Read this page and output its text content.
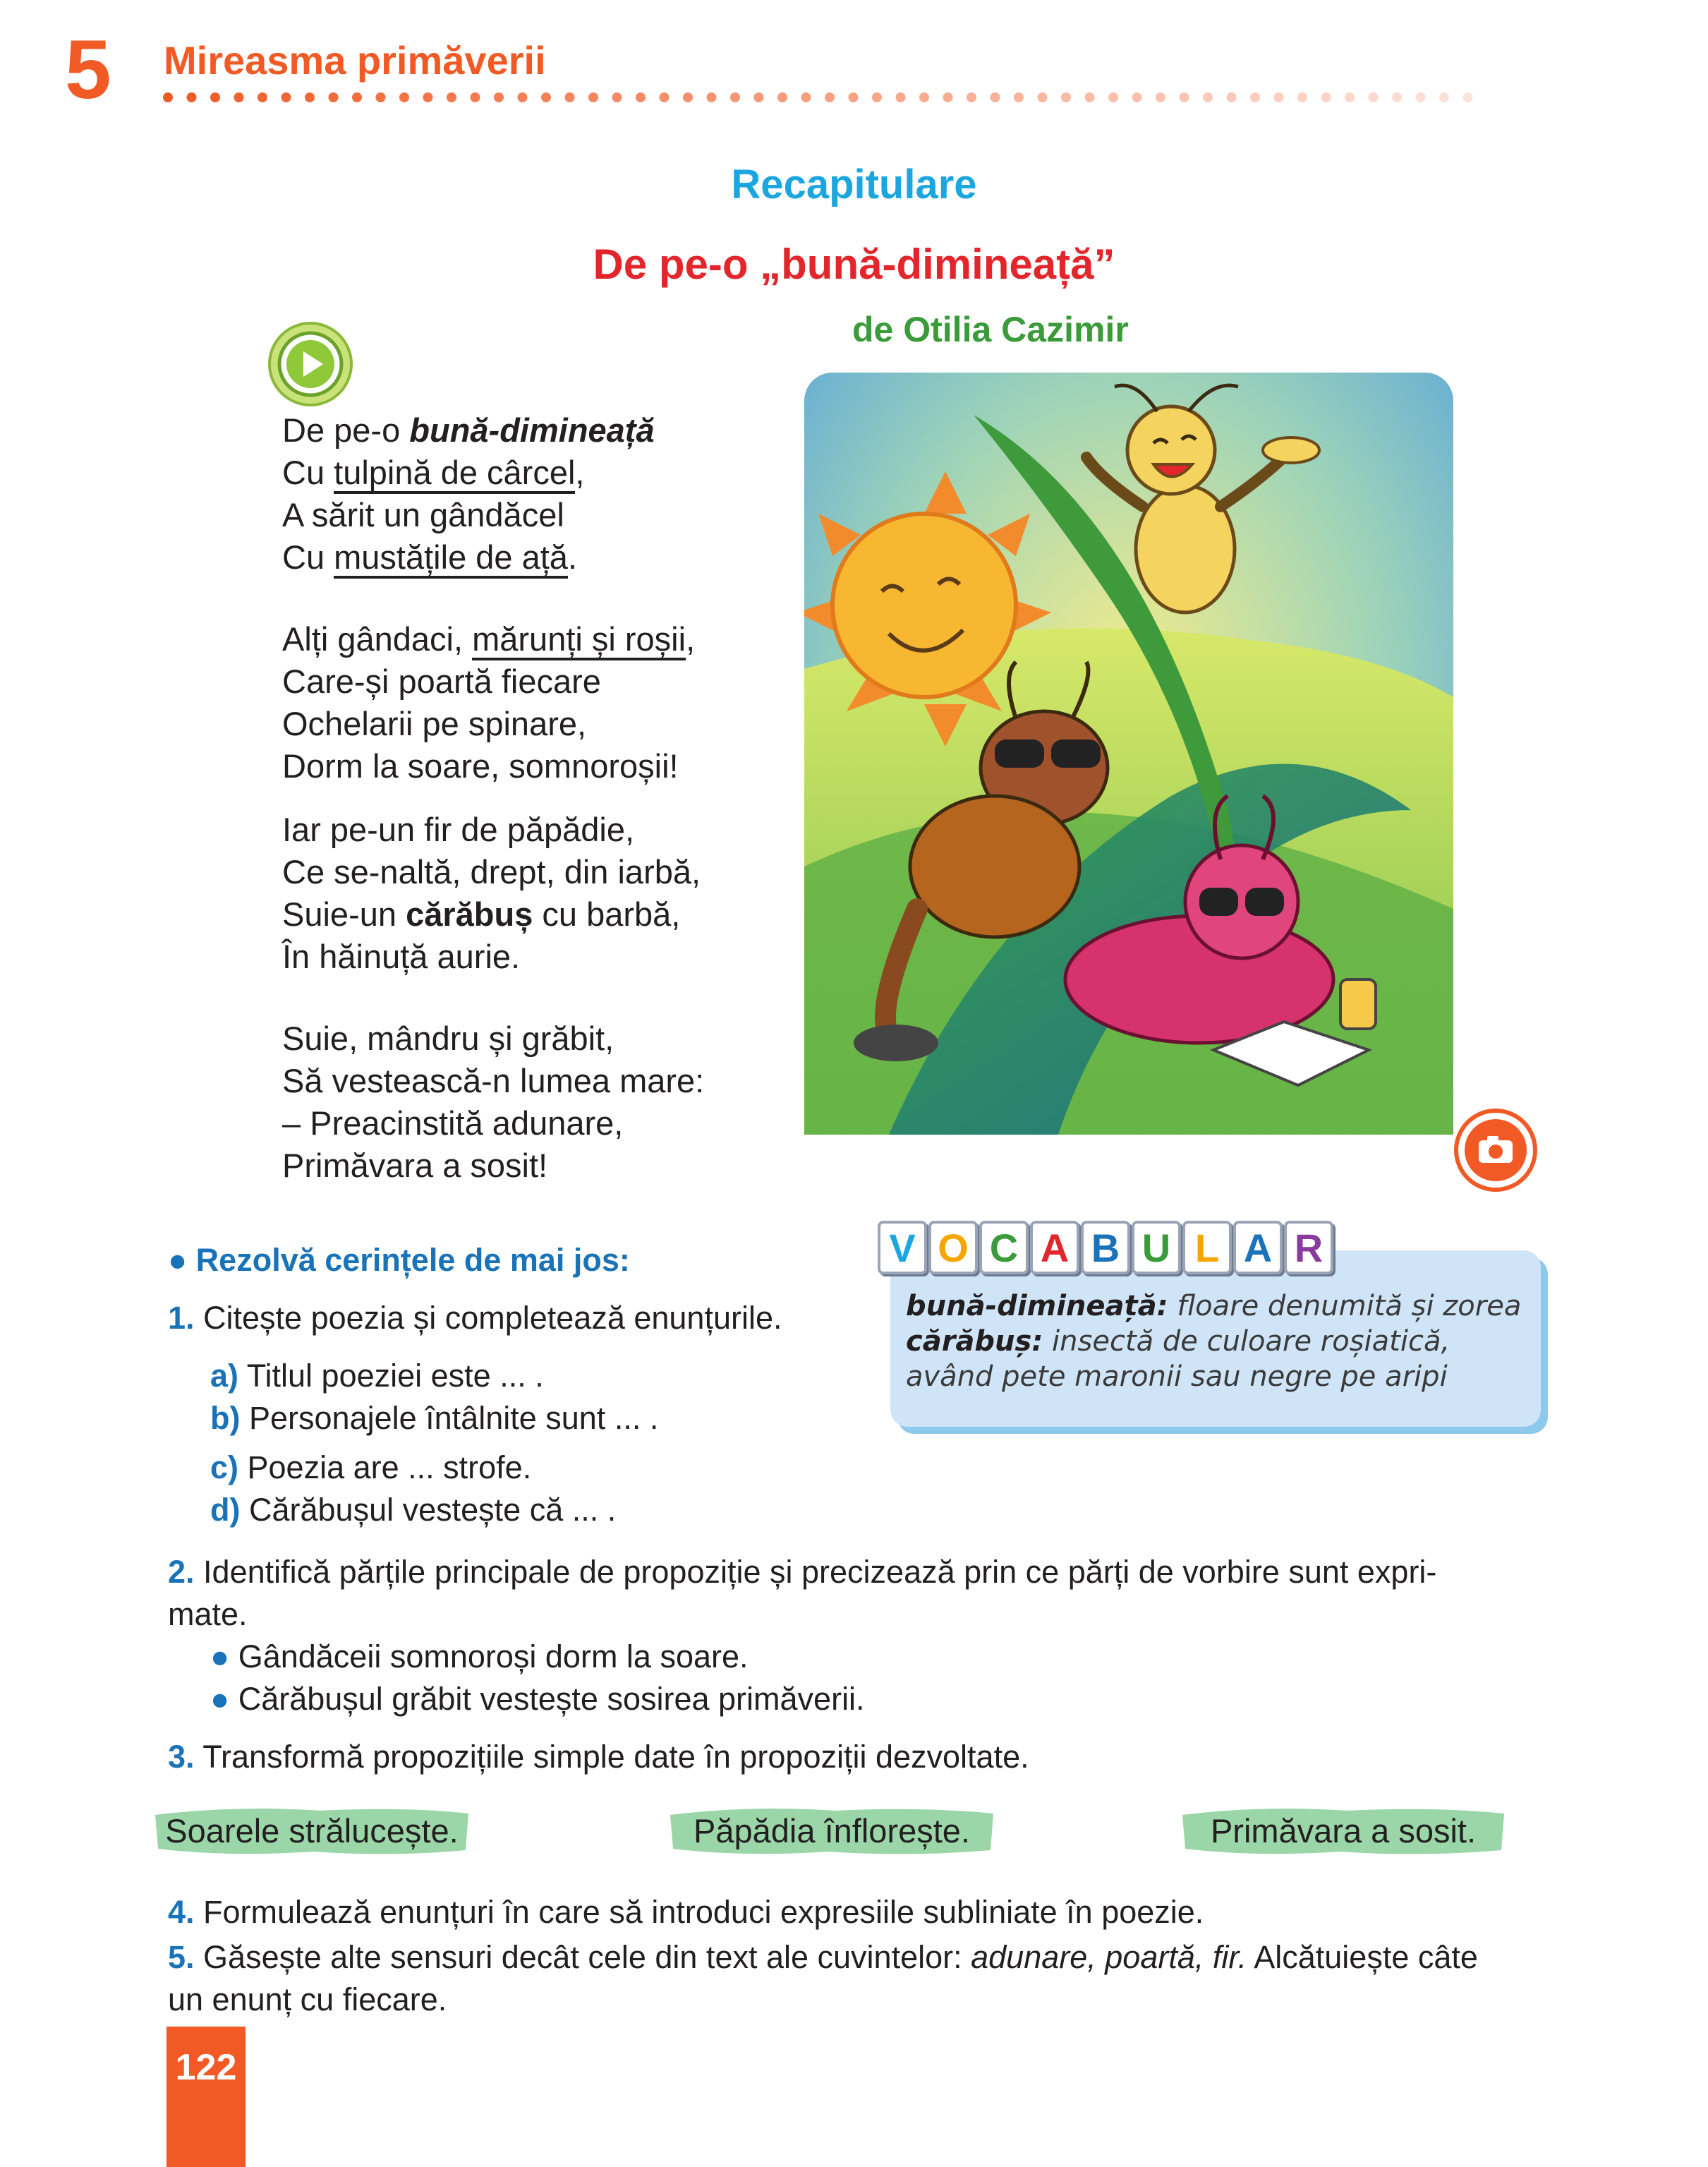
5 Mireasma primăverii
Recapitulare
De pe-o „bună-dimineață”
de Otilia Cazimir
De pe-o bună-dimineață
Cu tulpină de cârcel,
A sărit un gândăcel
Cu mustățile de ață.
Alți gândaci, mărunți și roșii,
Care-și poartă fiecare
Ochelarii pe spinare,
Dorm la soare, somnoroșii!
Iar pe-un fir de păpădie,
Ce se-naltă, drept, din iarbă,
Suie-un cărăbuș cu barbă,
În hăinuță aurie.
Suie, mândru și grăbit,
Să vestească-n lumea mare:
– Preacinstită adunare,
Primăvara a sosit!
● Rezolvă cerințele de mai jos:
1. Citește poezia și completează enunțurile.
a) Titlul poeziei este ... .
b) Personajele întâlnite sunt ... .
c) Poezia are ... strofe.
d) Cărăbușul vestește că ... .
V O C A B U L A R
bună-dimineață: floare denumită și zorea
cărăbuș: insectă de culoare roșiatică, având pete maronii sau negre pe aripi
2. Identifică părțile principale de propoziție și precizează prin ce părți de vorbire sunt expri-
mate.
● Gândăceii somnoroși dorm la soare.
● Cărăbușul grăbit vestește sosirea primăverii.
3. Transformă propozițiile simple date în propoziții dezvoltate.
Soarele strălucește.	Păpădia înflorește.	Primăvara a sosit.
4. Formulează enunțuri în care să introduci expresiile subliniate în poezie.
5. Găsește alte sensuri decât cele din text ale cuvintelor: adunare, poartă, fir. Alcătuiește câte
un enunț cu fiecare.
122
